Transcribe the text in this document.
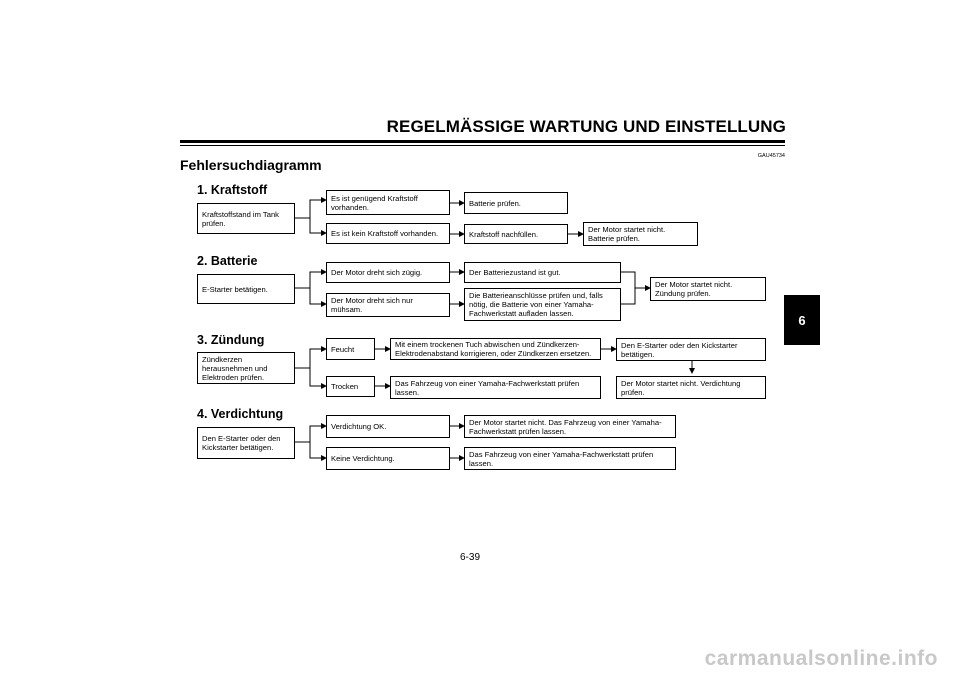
REGELMÄSSIGE WARTUNG UND EINSTELLUNG
Fehlersuchdiagramm
GAU45734
1. Kraftstoff
Kraftstoffstand im Tank
prüfen.
Es ist genügend Kraftstoff
vorhanden.
Es ist kein Kraftstoff vorhanden.
Batterie prüfen.
Kraftstoff nachfüllen.	Der Motor startet nicht.
Batterie prüfen.
2. Batterie
E-Starter betätigen.
Der Motor dreht sich zügig.
Der Motor dreht sich nur
mühsam.
Der Batteriezustand ist gut.
Die Batterieanschlüsse prüfen und, falls
nötig, die Batterie von einer Yamaha-
Fachwerkstatt aufladen lassen.
Der Motor startet nicht.
Zündung prüfen.
3. Zündung
Zündkerzen
herausnehmen und
Elektroden prüfen.
Feucht
Trocken
Mit einem trockenen Tuch abwischen und Zündkerzen-
Elektrodenabstand korrigieren, oder Zündkerzen ersetzen.
Das Fahrzeug von einer Yamaha-Fachwerkstatt prüfen
lassen.
Den E-Starter oder den Kickstarter
betätigen.
Der Motor startet nicht. Verdichtung
prüfen.
4. Verdichtung
Den E-Starter oder den
Kickstarter betätigen.
Verdichtung OK.
Keine Verdichtung.
Der Motor startet nicht. Das Fahrzeug von einer Yamaha-
Fachwerkstatt prüfen lassen.
Das Fahrzeug von einer Yamaha-Fachwerkstatt prüfen
lassen.
6
6-39
carmanualsonline.info
